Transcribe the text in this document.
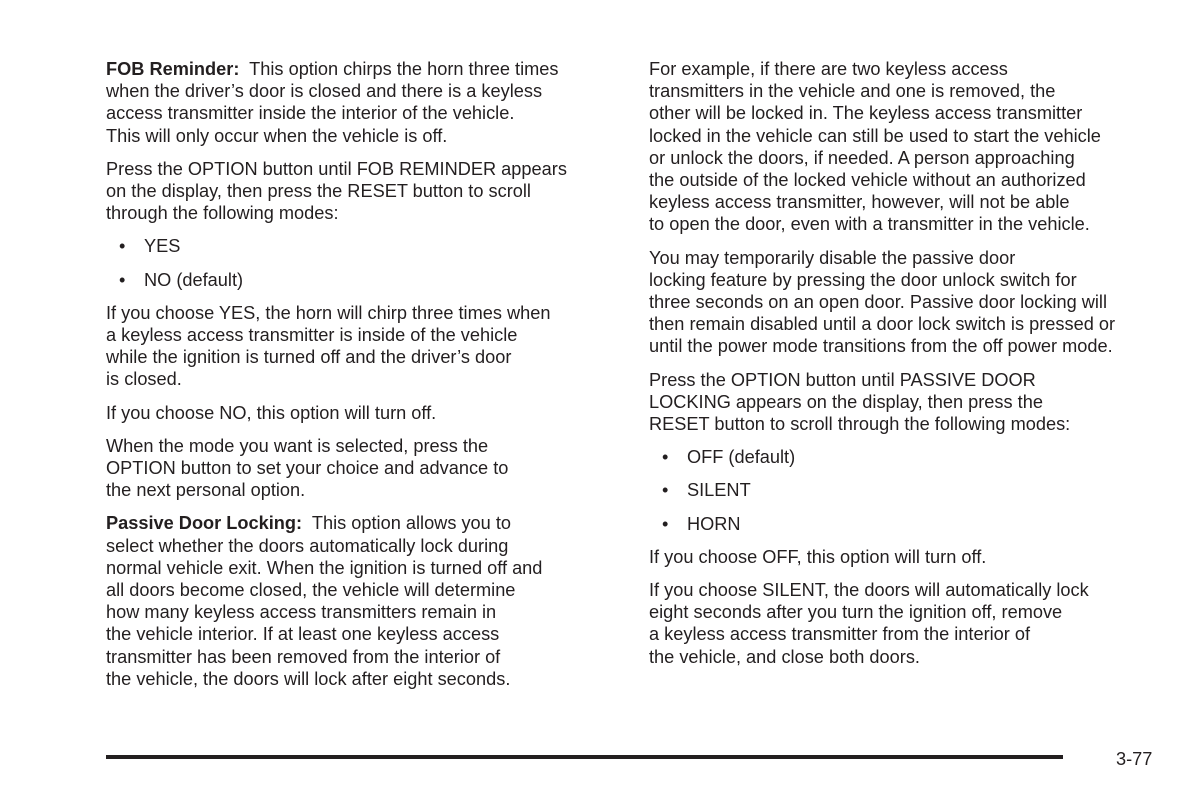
FOB Reminder:  This option chirps the horn three times
when the driver’s door is closed and there is a keyless
access transmitter inside the interior of the vehicle.
This will only occur when the vehicle is off.

Press the OPTION button until FOB REMINDER appears
on the display, then press the RESET button to scroll
through the following modes:

• YES
• NO (default)

If you choose YES, the horn will chirp three times when
a keyless access transmitter is inside of the vehicle
while the ignition is turned off and the driver’s door
is closed.

If you choose NO, this option will turn off.

When the mode you want is selected, press the
OPTION button to set your choice and advance to
the next personal option.

Passive Door Locking:  This option allows you to
select whether the doors automatically lock during
normal vehicle exit. When the ignition is turned off and
all doors become closed, the vehicle will determine
how many keyless access transmitters remain in
the vehicle interior. If at least one keyless access
transmitter has been removed from the interior of
the vehicle, the doors will lock after eight seconds.

For example, if there are two keyless access
transmitters in the vehicle and one is removed, the
other will be locked in. The keyless access transmitter
locked in the vehicle can still be used to start the vehicle
or unlock the doors, if needed. A person approaching
the outside of the locked vehicle without an authorized
keyless access transmitter, however, will not be able
to open the door, even with a transmitter in the vehicle.

You may temporarily disable the passive door
locking feature by pressing the door unlock switch for
three seconds on an open door. Passive door locking will
then remain disabled until a door lock switch is pressed or
until the power mode transitions from the off power mode.

Press the OPTION button until PASSIVE DOOR
LOCKING appears on the display, then press the
RESET button to scroll through the following modes:

• OFF (default)
• SILENT
• HORN

If you choose OFF, this option will turn off.

If you choose SILENT, the doors will automatically lock
eight seconds after you turn the ignition off, remove
a keyless access transmitter from the interior of
the vehicle, and close both doors.

3-77
